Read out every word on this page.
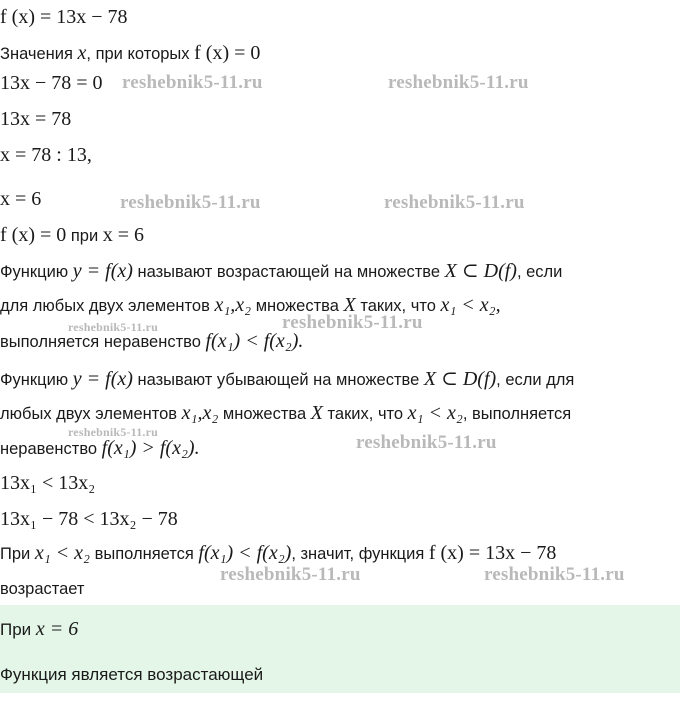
f (x) = 13x − 78
Значения x, при которых f (x) = 0
13x − 78 = 0
13x = 78
x = 78 : 13,
x = 6
f (x) = 0 при x = 6
Функцию y = f(x) называют возрастающей на множестве X ⊂ D(f), если
для любых двух элементов x₁,x₂ множества X таких, что x₁ < x₂,
выполняется неравенство f(x₁) < f(x₂).
Функцию y = f(x) называют убывающей на множестве X ⊂ D(f), если для
любых двух элементов x₁,x₂ множества X таких, что x₁ < x₂, выполняется
неравенство f(x₁) > f(x₂).
13x₁ < 13x₂
13x₁ − 78 < 13x₂ − 78
При x₁ < x₂ выполняется f(x₁) < f(x₂), значит, функция f (x) = 13x − 78
возрастает
При x = 6
Функция является возрастающей
reshebnik5-11.ru	reshebnik5-11.ru
reshebnik5-11.ru	reshebnik5-11.ru
reshebnik5-11.ru	reshebnik5-11.ru
reshebnik5-11.ru	reshebnik5-11.ru
reshebnik5-11.ru	reshebnik5-11.ru
